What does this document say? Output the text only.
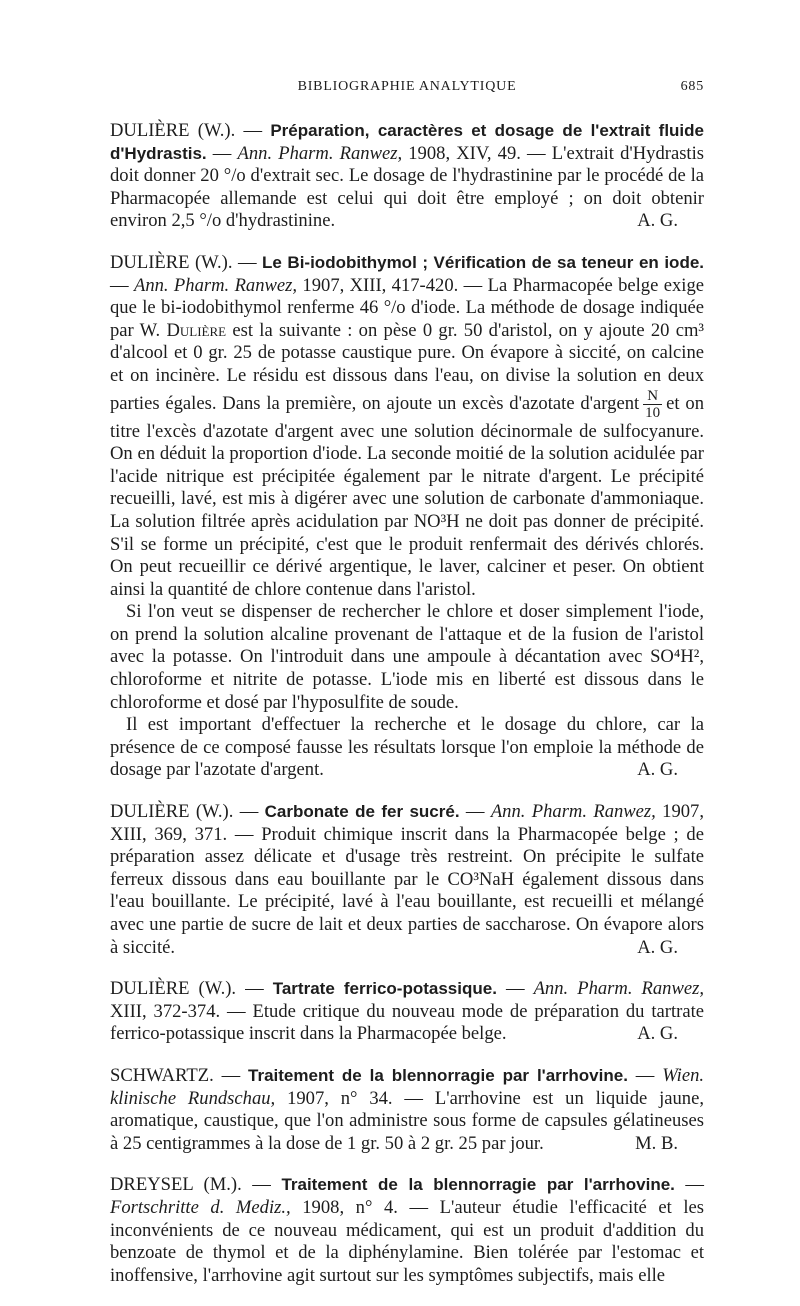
BIBLIOGRAPHIE ANALYTIQUE	685

DULIÈRE (W.). — Préparation, caractères et dosage de l'extrait fluide d'Hydrastis. — Ann. Pharm. Ranwez, 1908, XIV, 49. — L'extrait d'Hydrastis doit donner 20 °/o d'extrait sec. Le dosage de l'hydrastinine par le procédé de la Pharmacopée allemande est celui qui doit être employé ; on doit obtenir environ 2,5 °/o d'hydrastinine.	A. G.

DULIÈRE (W.). — Le Bi-iodobithymol ; Vérification de sa teneur en iode. — Ann. Pharm. Ranwez, 1907, XIII, 417-420. — La Pharmacopée belge exige que le bi-iodobithymol renferme 46 °/o d'iode. La méthode de dosage indiquée par W. Dulière est la suivante : on pèse 0 gr. 50 d'aristol, on y ajoute 20 cm³ d'alcool et 0 gr. 25 de potasse caustique pure. On évapore à siccité, on calcine et on incinère. Le résidu est dissous dans l'eau, on divise la solution en deux parties égales. Dans la première, on ajoute un excès d'azotate d'argent $\frac{N}{10}$ et on titre l'excès d'azotate d'argent avec une solution décinormale de sulfocyanure. On en déduit la proportion d'iode. La seconde moitié de la solution acidulée par l'acide nitrique est précipitée également par le nitrate d'argent. Le précipité recueilli, lavé, est mis à digérer avec une solution de carbonate d'ammoniaque. La solution filtrée après acidulation par NO³H ne doit pas donner de précipité. S'il se forme un précipité, c'est que le produit renfermait des dérivés chlorés. On peut recueillir ce dérivé argentique, le laver, calciner et peser. On obtient ainsi la quantité de chlore contenue dans l'aristol.

Si l'on veut se dispenser de rechercher le chlore et doser simplement l'iode, on prend la solution alcaline provenant de l'attaque et de la fusion de l'aristol avec la potasse. On l'introduit dans une ampoule à décantation avec SO⁴H², chloroforme et nitrite de potasse. L'iode mis en liberté est dissous dans le chloroforme et dosé par l'hyposulfite de soude.

Il est important d'effectuer la recherche et le dosage du chlore, car la présence de ce composé fausse les résultats lorsque l'on emploie la méthode de dosage par l'azotate d'argent.	A. G.

DULIÈRE (W.). — Carbonate de fer sucré. — Ann. Pharm. Ranwez, 1907, XIII, 369, 371. — Produit chimique inscrit dans la Pharmacopée belge ; de préparation assez délicate et d'usage très restreint. On précipite le sulfate ferreux dissous dans eau bouillante par le CO³NaH également dissous dans l'eau bouillante. Le précipité, lavé à l'eau bouillante, est recueilli et mélangé avec une partie de sucre de lait et deux parties de saccharose. On évapore alors à siccité.	A. G.

DULIÈRE (W.). — Tartrate ferrico-potassique. — Ann. Pharm. Ranwez, XIII, 372-374. — Etude critique du nouveau mode de préparation du tartrate ferrico-potassique inscrit dans la Pharmacopée belge.	A. G.

SCHWARTZ. — Traitement de la blennorragie par l'arrhovine. — Wien. klinische Rundschau, 1907, n° 34. — L'arrhovine est un liquide jaune, aromatique, caustique, que l'on administre sous forme de capsules gélatineuses à 25 centigrammes à la dose de 1 gr. 50 à 2 gr. 25 par jour.	M. B.

DREYSEL (M.). — Traitement de la blennorragie par l'arrhovine. — Fortschritte d. Mediz., 1908, n° 4. — L'auteur étudie l'efficacité et les inconvénients de ce nouveau médicament, qui est un produit d'addition du benzoate de thymol et de la diphénylamine. Bien tolérée par l'estomac et inoffensive, l'arrhovine agit surtout sur les symptômes subjectifs, mais elle
